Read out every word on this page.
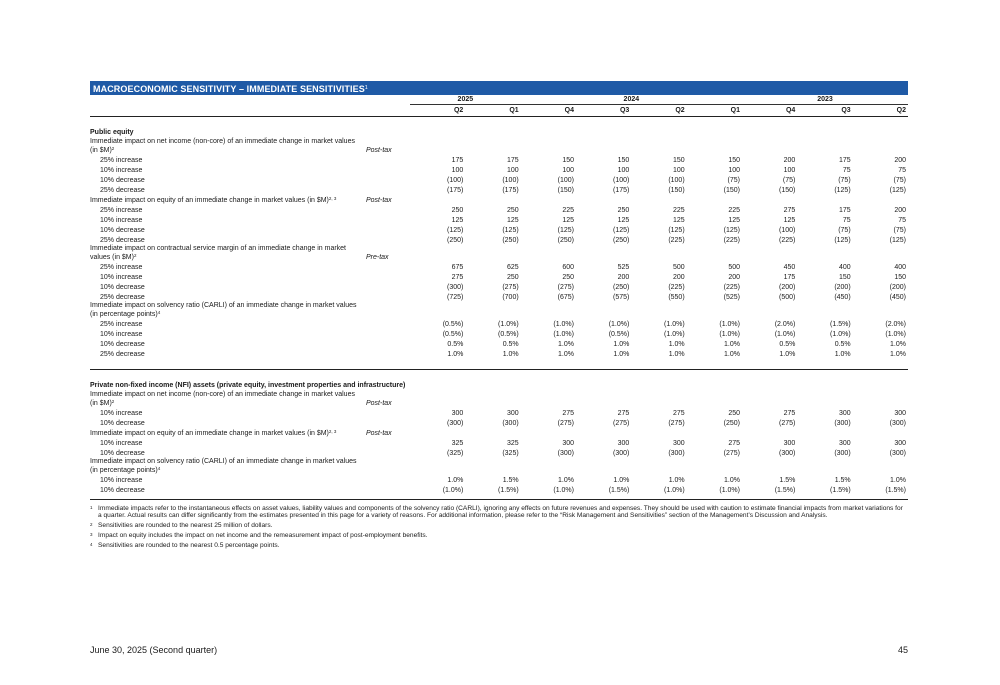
MACROECONOMIC SENSITIVITY – IMMEDIATE SENSITIVITIES$^1$
		2025		2024				2023		
		Q2	Q1	Q4	Q3	Q2	Q1	Q4	Q3	Q2

Public equity										
Immediate impact on net income (non-core) of an immediate change in market values (in $M)$^2$	Post-tax									
25% increase		175	175	150	150	150	150	200	175	200
10% increase		100	100	100	100	100	100	100	75	75
10% decrease		(100)	(100)	(100)	(100)	(100)	(75)	(75)	(75)	(75)
25% decrease		(175)	(175)	(150)	(175)	(150)	(150)	(150)	(125)	(125)
Immediate impact on equity of an immediate change in market values (in $M)$^{2, 3}$	Post-tax									
25% increase		250	250	225	250	225	225	275	175	200
10% increase		125	125	125	125	125	125	125	75	75
10% decrease		(125)	(125)	(125)	(125)	(125)	(125)	(100)	(75)	(75)
25% decrease		(250)	(250)	(250)	(250)	(225)	(225)	(225)	(125)	(125)
Immediate impact on contractual service margin of an immediate change in market values (in $M)$^2$	Pre-tax									
25% increase		675	625	600	525	500	500	450	400	400
10% increase		275	250	250	200	200	200	175	150	150
10% decrease		(300)	(275)	(275)	(250)	(225)	(225)	(200)	(200)	(200)
25% decrease		(725)	(700)	(675)	(575)	(550)	(525)	(500)	(450)	(450)
Immediate impact on solvency ratio (CARLI) of an immediate change in market values (in percentage points)$^4$										
25% increase		(0.5%)	(1.0%)	(1.0%)	(1.0%)	(1.0%)	(1.0%)	(2.0%)	(1.5%)	(2.0%)
10% increase		(0.5%)	(0.5%)	(1.0%)	(0.5%)	(1.0%)	(1.0%)	(1.0%)	(1.0%)	(1.0%)
10% decrease		0.5%	0.5%	1.0%	1.0%	1.0%	1.0%	0.5%	0.5%	1.0%
25% decrease		1.0%	1.0%	1.0%	1.0%	1.0%	1.0%	1.0%	1.0%	1.0%

Private non-fixed income (NFI) assets (private equity, investment properties and infrastructure)										
Immediate impact on net income (non-core) of an immediate change in market values (in $M)$^2$	Post-tax									
10% increase		300	300	275	275	275	250	275	300	300
10% decrease		(300)	(300)	(275)	(275)	(275)	(250)	(275)	(300)	(300)
Immediate impact on equity of an immediate change in market values (in $M)$^{2, 3}$	Post-tax									
10% increase		325	325	300	300	300	275	300	300	300
10% decrease		(325)	(325)	(300)	(300)	(300)	(275)	(300)	(300)	(300)
Immediate impact on solvency ratio (CARLI) of an immediate change in market values (in percentage points)$^4$										
10% increase		1.0%	1.5%	1.0%	1.0%	1.0%	1.0%	1.5%	1.5%	1.0%
10% decrease		(1.0%)	(1.5%)	(1.0%)	(1.5%)	(1.0%)	(1.0%)	(1.5%)	(1.5%)	(1.5%)

1 Immediate impacts refer to the instantaneous effects on asset values, liability values and components of the solvency ratio (CARLI), ignoring any effects on future revenues and expenses. They should be used with caution to estimate financial impacts from market variations for a quarter. Actual results can differ significantly from the estimates presented in this page for a variety of reasons. For additional information, please refer to the “Risk Management and Sensitivities” section of the Management’s Discussion and Analysis.
2 Sensitivities are rounded to the nearest 25 million of dollars.
3 Impact on equity includes the impact on net income and the remeasurement impact of post-employment benefits.
4 Sensitivities are rounded to the nearest 0.5 percentage points.
June 30, 2025 (Second quarter)	45
